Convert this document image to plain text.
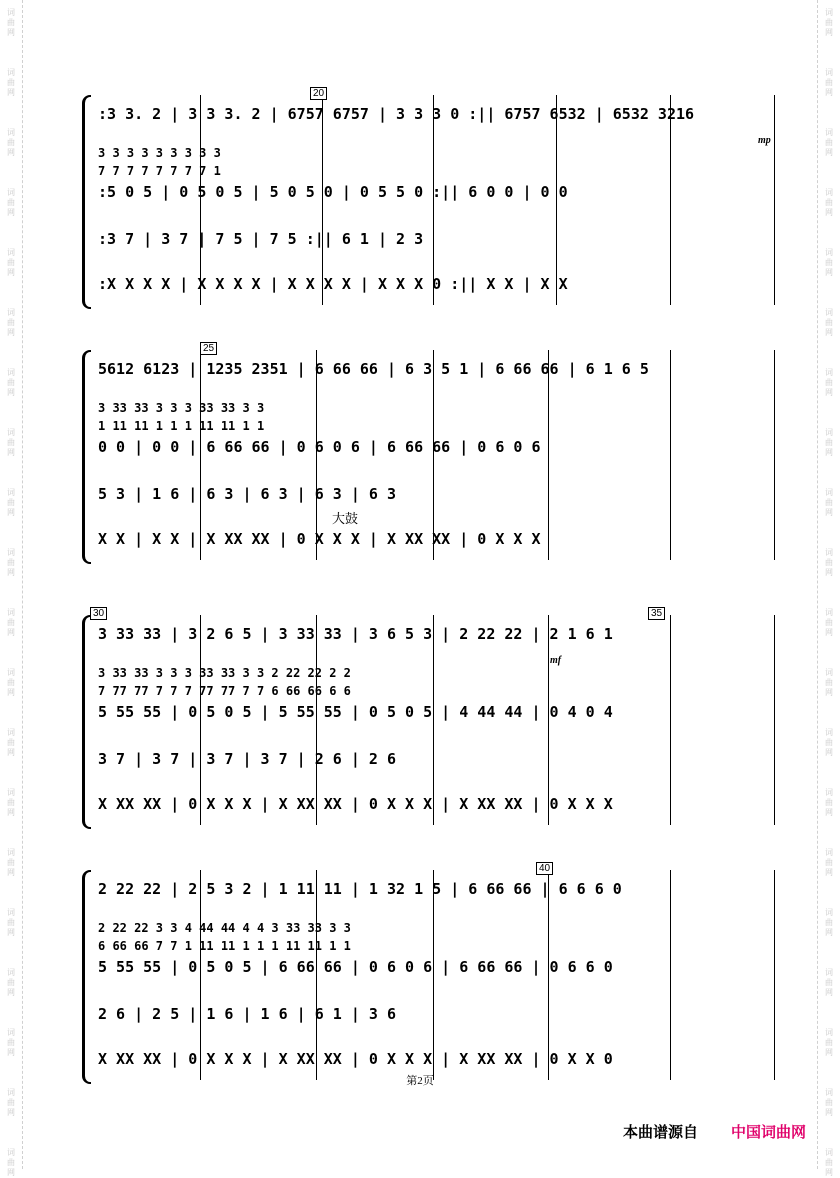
词
曲
网
词
曲
网
词
曲
网
词
曲
网
词
曲
网
词
曲
网
词
曲
网
词
曲
网
词
曲
网
词
曲
网
词
曲
网
词
曲
网
词
曲
网
词
曲
网
词
曲
网
词
曲
网
词
曲
网
词
曲
网
词
曲
网
词
曲
网
词
曲
网
词
曲
网
词
曲
网
词
曲
网
词
曲
网
词
曲
网
词
曲
网
词
曲
网
词
曲
网
词
曲
网
词
曲
网
词
曲
网
词
曲
网
词
曲
网
词
曲
网
词
曲
网
词
曲
网
词
曲
网
词
曲
网
词
曲
网
:3 3. 2 | 3 3 3. 2 | 6757 6757 | 3 3 3 0 :|| 6757 6532 | 6532 3216
3 3 3 3 3 3 3 3 3
7 7 7 7 7 7 7 7 1
:5 0 5 | 0 5 0 5 | 5 0 5 0 | 0 5 5 0 :|| 6 0 0 | 0 0
:3 7 | 3 7 | 7 5 | 7 5 :|| 6 1 | 2 3
:X X X X | X X X X | X X X X | X X X 0 :|| X X | X X
20
mp
5612 6123 | 1235 2351 | 6 66 66 | 6 3 5 1 | 6 66 66 | 6 1 6 5
3 33 33 3 3 3 33 33 3 3
1 11 11 1 1 1 11 11 1 1
0 0 | 0 0 | 6 66 66 | 0 6 0 6 | 6 66 66 | 0 6 0 6
5 3 | 1 6 | 6 3 | 6 3 | 6 3 | 6 3
X X | X X | X XX XX | 0 X X X | X XX XX | 0 X X X
25
大鼓
3 33 33 | 3 2 6 5 | 3 33 33 | 3 6 5 3 | 2 22 22 | 2 1 6 1
3 33 33 3 3 3 33 33 3 3 2 22 22 2 2
7 77 77 7 7 7 77 77 7 7 6 66 66 6 6
5 55 55 | 0 5 0 5 | 5 55 55 | 0 5 0 5 | 4 44 44 | 0 4 0 4
3 7 | 3 7 | 3 7 | 3 7 | 2 6 | 2 6
X XX XX | 0 X X X | X XX XX | 0 X X X | X XX XX | 0 X X X
30	35
mf
2 22 22 | 2 5 3 2 | 1 11 11 | 1 32 1 5 | 6 66 66 | 6 6 6 0
2 22 22 3 3 4 44 44 4 4 3 33 33 3 3
6 66 66 7 7 1 11 11 1 1 1 11 11 1 1
5 55 55 | 0 5 0 5 | 6 66 66 | 0 6 0 6 | 6 66 66 | 0 6 6 0
2 6 | 2 5 | 1 6 | 1 6 | 6 1 | 3 6
X XX XX | 0 X X X | X XX XX | 0 X X X | X XX XX | 0 X X 0
40
第2页
本曲谱源自 中国词曲网
